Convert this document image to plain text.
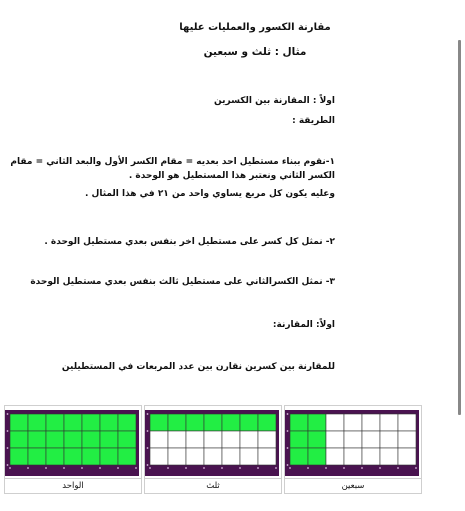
مقارنة الكسور والعمليات عليها
مثال : ثلث و سبعين
اولاً : المقارنة بين الكسرين
الطريقة :
١-نقوم ببناء مستطيل احد بعديه = مقام الكسر الأول والبعد الثاني = مقام
الكسر الثاني ونعتبر هذا المستطيل هو الوحدة .
وعليه يكون كل مربع يساوي واحد من ٢١ في هذا المثال .
٢- نمثل كل كسر على مستطيل اخر بنفس بعدي مستطيل الوحدة .
٣- نمثل الكسرالثاني على مستطيل ثالث بنفس بعدي مستطيل الوحدة
اولاً: المقارنة:
للمقارنة بين كسرين نقارن بين عدد المربعات في المستطيلين
الواحد	ثلث	سبعين
